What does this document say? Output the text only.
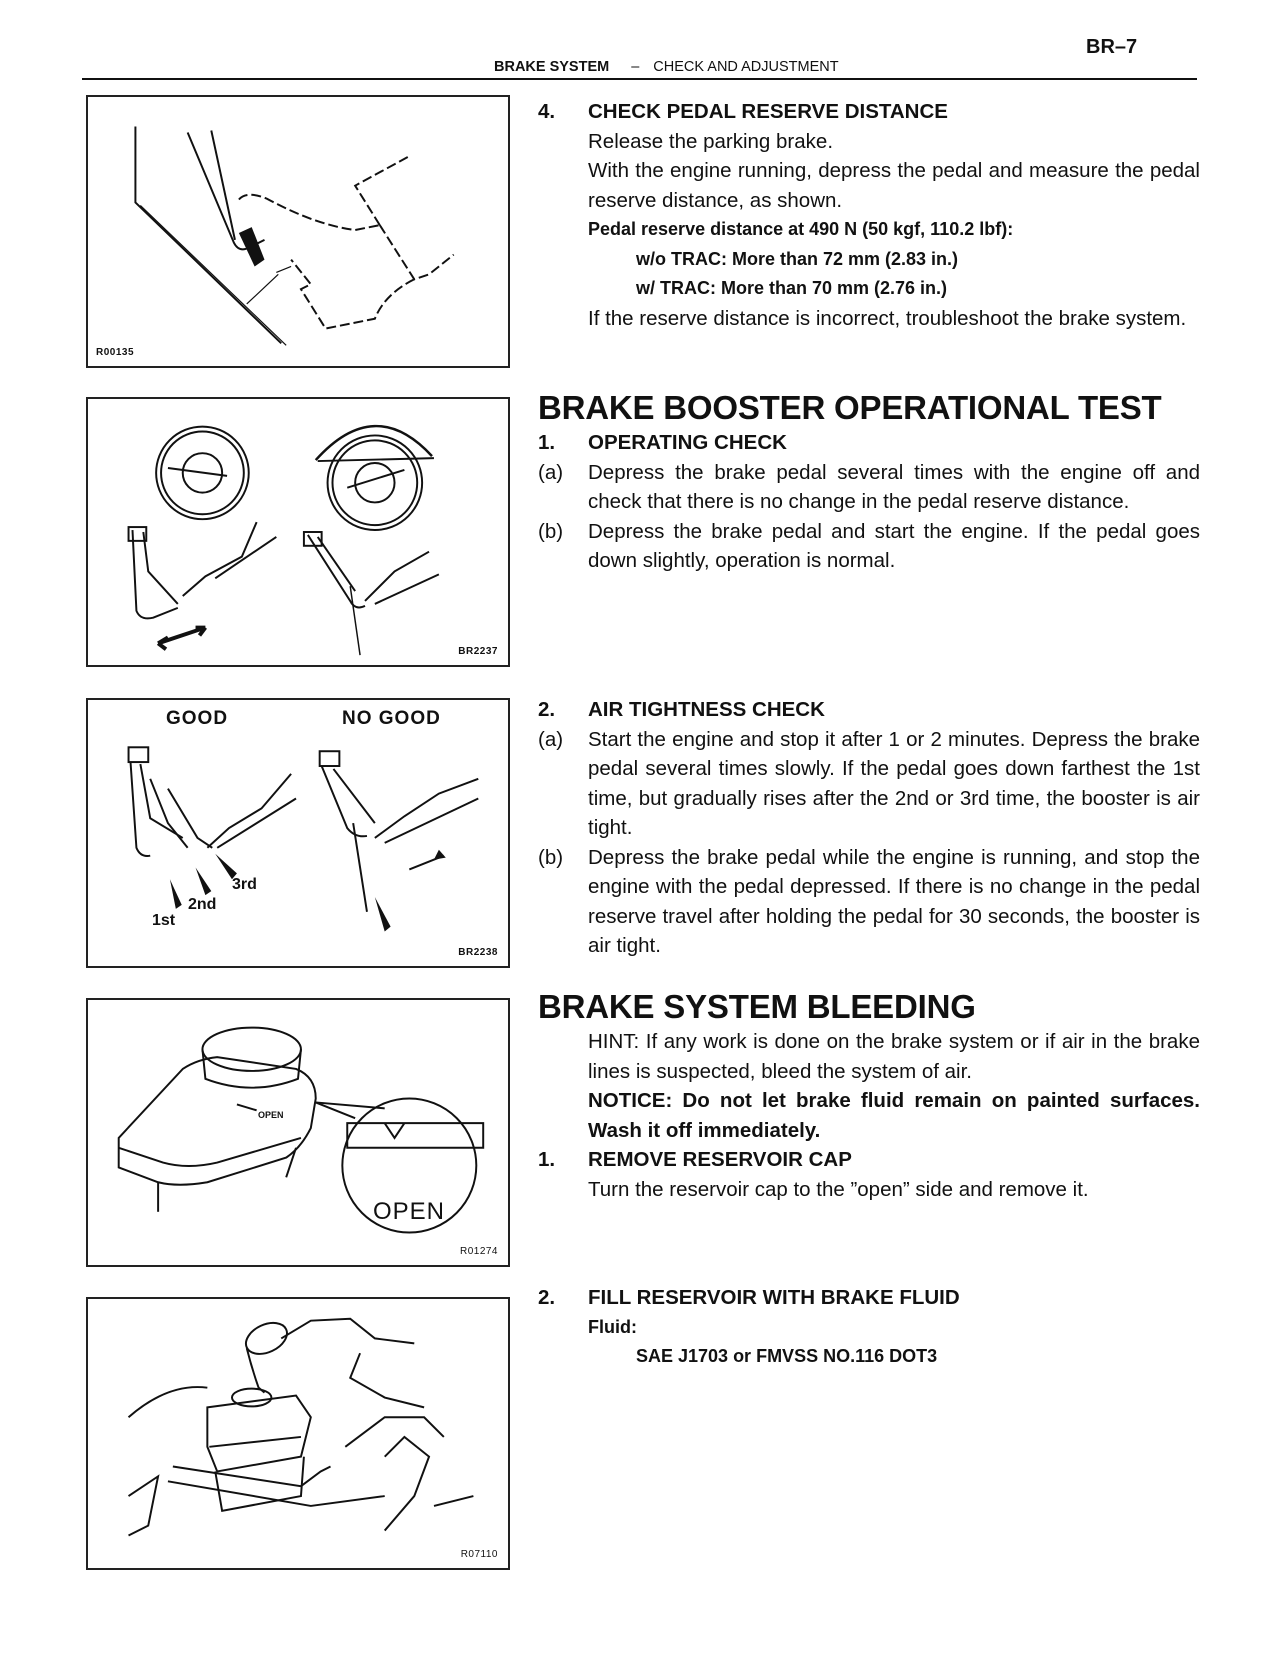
BR–7
BRAKE SYSTEM – CHECK AND ADJUSTMENT
R00135
BR2237
GOOD	NO GOOD
1st
2nd
3rd
BR2238
OPEN
OPEN
R01274
R07110
4.	CHECK PEDAL RESERVE DISTANCE
Release the parking brake.
With the engine running, depress the pedal and measure the pedal reserve distance, as shown.
Pedal reserve distance at 490 N (50 kgf, 110.2 lbf):
w/o TRAC: More than 72 mm (2.83 in.)
w/ TRAC: More than 70 mm (2.76 in.)
If the reserve distance is incorrect, troubleshoot the brake system.
BRAKE BOOSTER OPERATIONAL TEST
1.	OPERATING CHECK
(a)	Depress the brake pedal several times with the engine off and check that there is no change in the pedal reserve distance.
(b)	Depress the brake pedal and start the engine. If the pedal goes down slightly, operation is normal.
2.	AIR TIGHTNESS CHECK
(a)	Start the engine and stop it after 1 or 2 minutes. Depress the brake pedal several times slowly. If the pedal goes down farthest the 1st time, but gradually rises after the 2nd or 3rd time, the booster is air tight.
(b)	Depress the brake pedal while the engine is running, and stop the engine with the pedal depressed. If there is no change in the pedal reserve travel after holding the pedal for 30 seconds, the booster is air tight.
BRAKE SYSTEM BLEEDING
HINT: If any work is done on the brake system or if air in the brake lines is suspected, bleed the system of air.
NOTICE: Do not let brake fluid remain on painted surfaces. Wash it off immediately.
1.	REMOVE RESERVOIR CAP
Turn the reservoir cap to the ”open” side and remove it.
2.	FILL RESERVOIR WITH BRAKE FLUID
Fluid:
SAE J1703 or FMVSS NO.116 DOT3
